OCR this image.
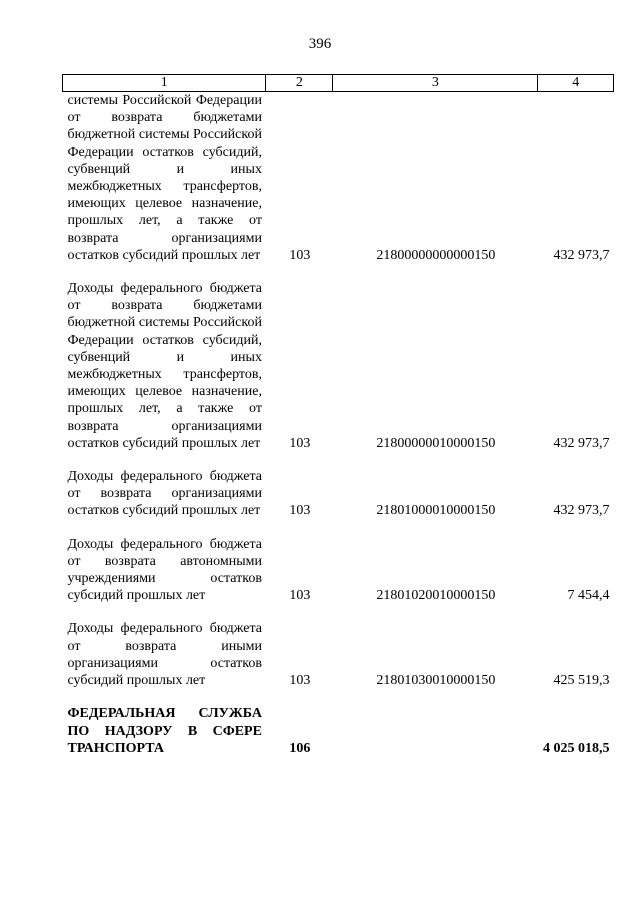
396
1	2	3	4
системы Российской Федерации от возврата бюджетами бюджетной системы Российской Федерации остатков субсидий, субвенций и иных межбюджетных трансфертов, имеющих целевое назначение, прошлых лет, а также от возврата организациями остатков субсидий прошлых лет	103	21800000000000150	432 973,7
Доходы федерального бюджета от возврата бюджетами бюджетной системы Российской Федерации остатков субсидий, субвенций и иных межбюджетных трансфертов, имеющих целевое назначение, прошлых лет, а также от возврата организациями остатков субсидий прошлых лет	103	21800000010000150	432 973,7
Доходы федерального бюджета от возврата организациями остатков субсидий прошлых лет	103	21801000010000150	432 973,7
Доходы федерального бюджета от возврата автономными учреждениями остатков субсидий прошлых лет	103	21801020010000150	7 454,4
Доходы федерального бюджета от возврата иными организациями остатков субсидий прошлых лет	103	21801030010000150	425 519,3
ФЕДЕРАЛЬНАЯ СЛУЖБА ПО НАДЗОРУ В СФЕРЕ ТРАНСПОРТА	106		4 025 018,5
